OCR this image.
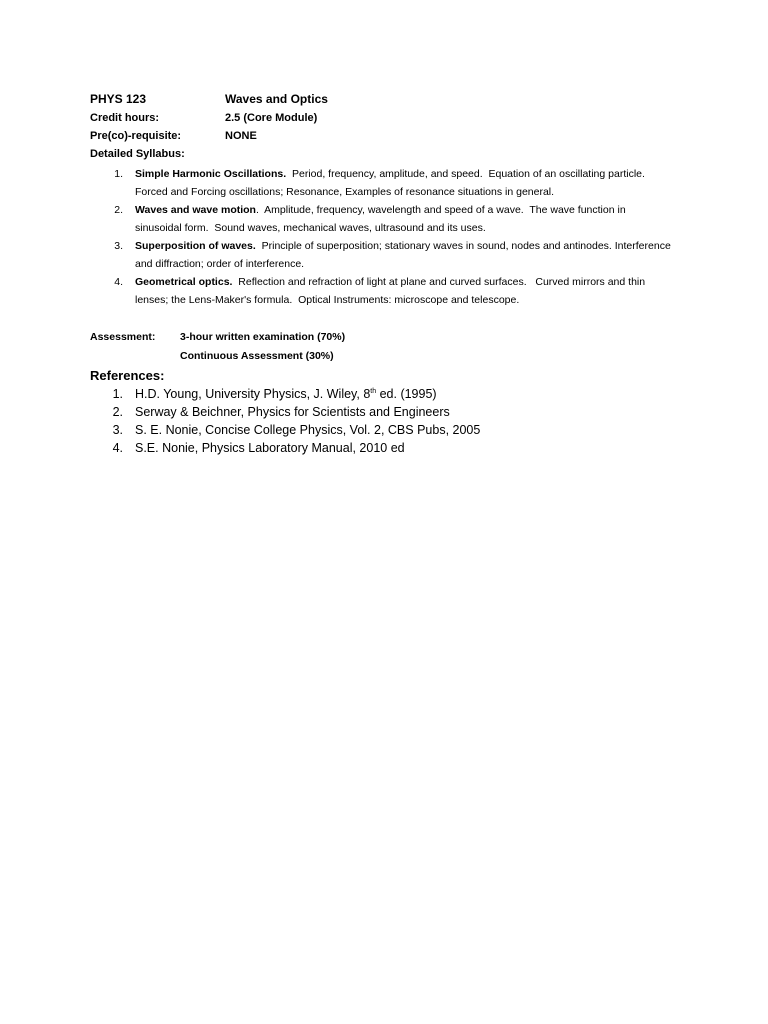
PHYS 123	Waves and Optics
Credit hours:	2.5 (Core Module)
Pre(co)-requisite:	NONE
Detailed Syllabus:
1.	Simple Harmonic Oscillations.  Period, frequency, amplitude, and speed.  Equation of an oscillating particle.  Forced and Forcing oscillations; Resonance, Examples of resonance situations in general.
2.	Waves and wave motion.  Amplitude, frequency, wavelength and speed of a wave.  The wave function in sinusoidal form.  Sound waves, mechanical waves, ultrasound and its uses.
3.	Superposition of waves.  Principle of superposition; stationary waves in sound, nodes and antinodes. Interference and diffraction; order of interference.
4.	Geometrical optics.  Reflection and refraction of light at plane and curved surfaces.   Curved mirrors and thin lenses; the Lens-Maker's formula.  Optical Instruments: microscope and telescope.
Assessment:	3-hour written examination (70%)
Continuous Assessment (30%)
References:
1. H.D. Young, University Physics, J. Wiley, 8th ed. (1995)
2. Serway & Beichner, Physics for Scientists and Engineers
3. S. E. Nonie, Concise College Physics, Vol. 2, CBS Pubs, 2005
4. S.E. Nonie, Physics Laboratory Manual, 2010 ed
